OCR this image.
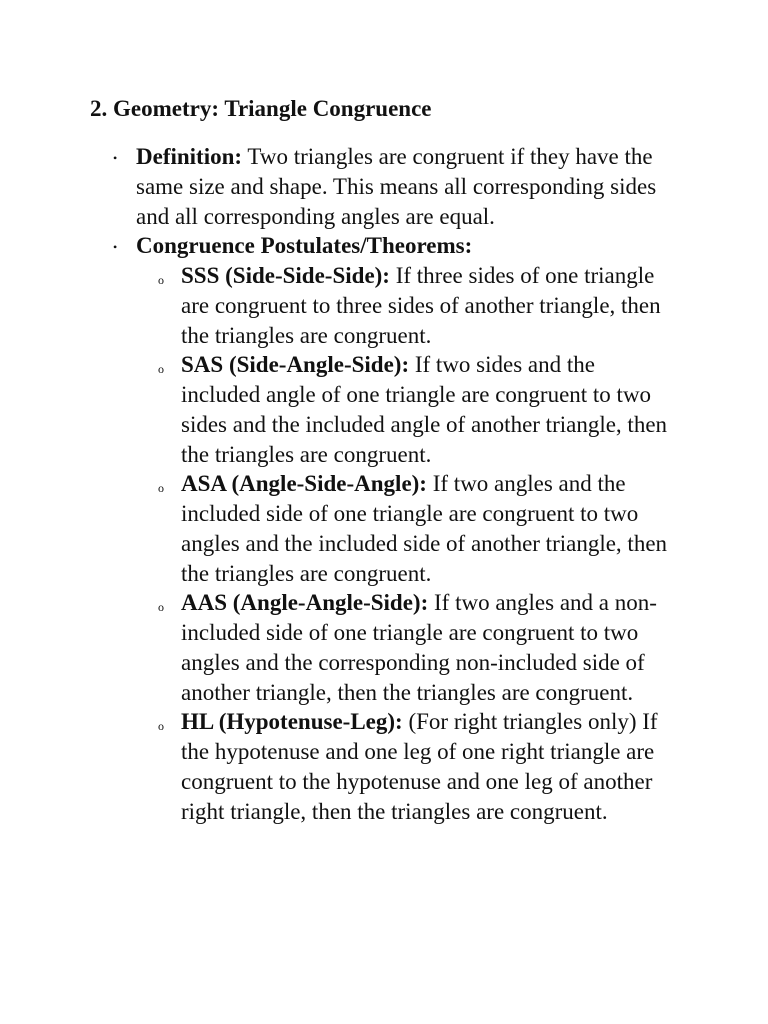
2. Geometry: Triangle Congruence
• Definition: Two triangles are congruent if they have the same size and shape. This means all corresponding sides and all corresponding angles are equal.
• Congruence Postulates/Theorems:
o SSS (Side-Side-Side): If three sides of one triangle are congruent to three sides of another triangle, then the triangles are congruent.
o SAS (Side-Angle-Side): If two sides and the included angle of one triangle are congruent to two sides and the included angle of another triangle, then the triangles are congruent.
o ASA (Angle-Side-Angle): If two angles and the included side of one triangle are congruent to two angles and the included side of another triangle, then the triangles are congruent.
o AAS (Angle-Angle-Side): If two angles and a non-included side of one triangle are congruent to two angles and the corresponding non-included side of another triangle, then the triangles are congruent.
o HL (Hypotenuse-Leg): (For right triangles only) If the hypotenuse and one leg of one right triangle are congruent to the hypotenuse and one leg of another right triangle, then the triangles are congruent.
